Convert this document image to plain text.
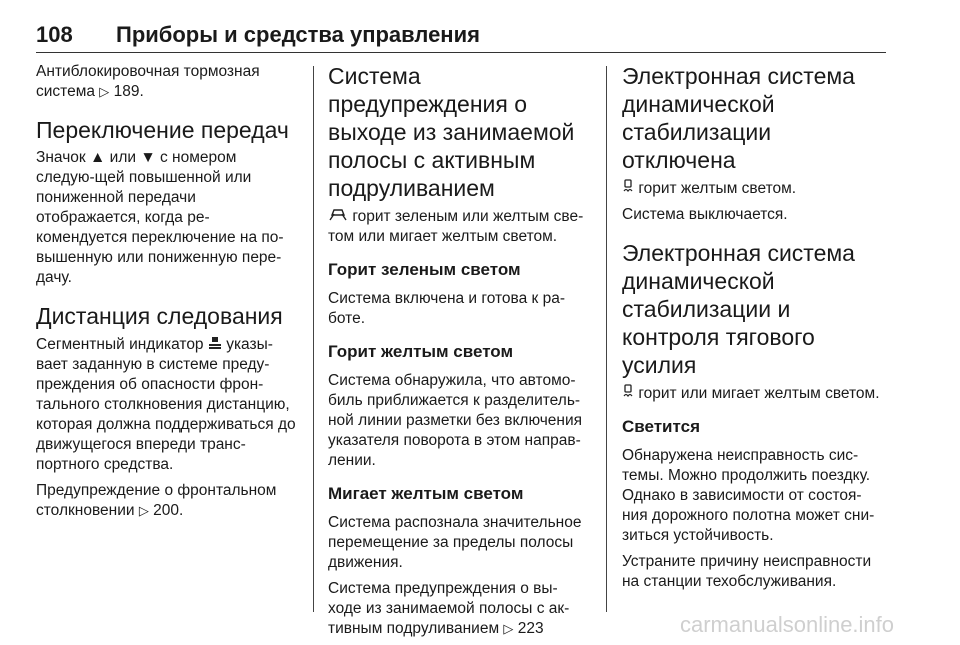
108 Приборы и средства управления

Антиблокировочная тормозная система ▷ 189.

Переключение передач

Значок ▲ или ▼ с номером следую-щей повышенной или пониженной передачи отображается, когда ре-комендуется переключение на по-вышенную или пониженную пере-дачу.

Дистанция следования

Сегментный индикатор указы-вает заданную в системе преду-преждения об опасности фрон-тального столкновения дистанцию, которая должна поддерживаться до движущегося впереди транс-портного средства.

Предупреждение о фронтальном столкновении ▷ 200.

Система предупреждения о выходе из занимаемой полосы с активным подруливанием

горит зеленым или желтым све-том или мигает желтым светом.

Горит зеленым светом

Система включена и готова к ра-боте.

Горит желтым светом

Система обнаружила, что автомо-биль приближается к разделитель-ной линии разметки без включения указателя поворота в этом направ-лении.

Мигает желтым светом

Система распознала значительное перемещение за пределы полосы движения.

Система предупреждения о вы-ходе из занимаемой полосы с ак-тивным подруливанием ▷ 223

Электронная система динамической стабилизации отключена

горит желтым светом.

Система выключается.

Электронная система динамической стабилизации и контроля тягового усилия

горит или мигает желтым светом.

Светится

Обнаружена неисправность сис-темы. Можно продолжить поездку. Однако в зависимости от состоя-ния дорожного полотна может сни-зиться устойчивость.

Устраните причину неисправности на станции техобслуживания.

carmanualsonline.info
